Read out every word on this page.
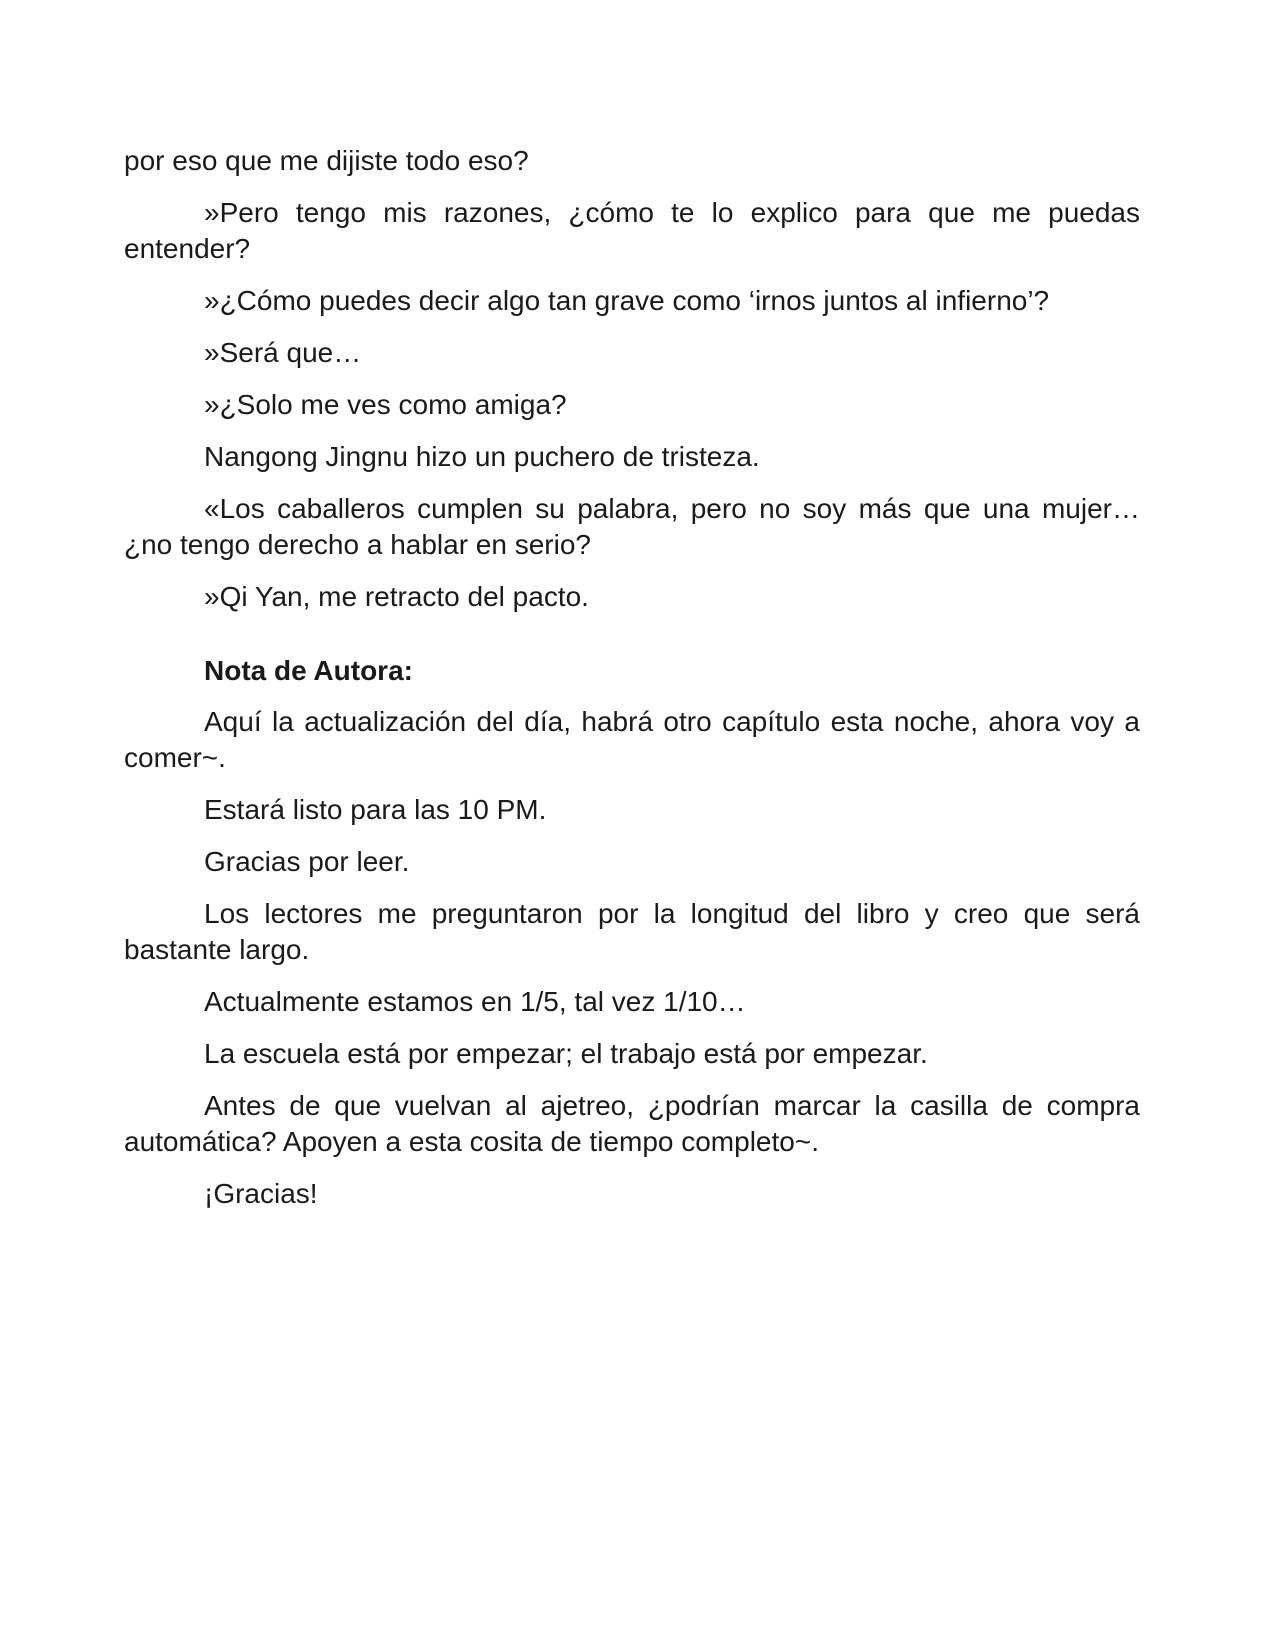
por eso que me dijiste todo eso?

»Pero tengo mis razones, ¿cómo te lo explico para que me puedas entender?

»¿Cómo puedes decir algo tan grave como ‘irnos juntos al infierno’?

»Será que…

»¿Solo me ves como amiga?

Nangong Jingnu hizo un puchero de tristeza.

«Los caballeros cumplen su palabra, pero no soy más que una mujer… ¿no tengo derecho a hablar en serio?

»Qi Yan, me retracto del pacto.

Nota de Autora:

Aquí la actualización del día, habrá otro capítulo esta noche, ahora voy a comer~.

Estará listo para las 10 PM.

Gracias por leer.

Los lectores me preguntaron por la longitud del libro y creo que será bastante largo.

Actualmente estamos en 1/5, tal vez 1/10…

La escuela está por empezar; el trabajo está por empezar.

Antes de que vuelvan al ajetreo, ¿podrían marcar la casilla de compra automática? Apoyen a esta cosita de tiempo completo~.

¡Gracias!
